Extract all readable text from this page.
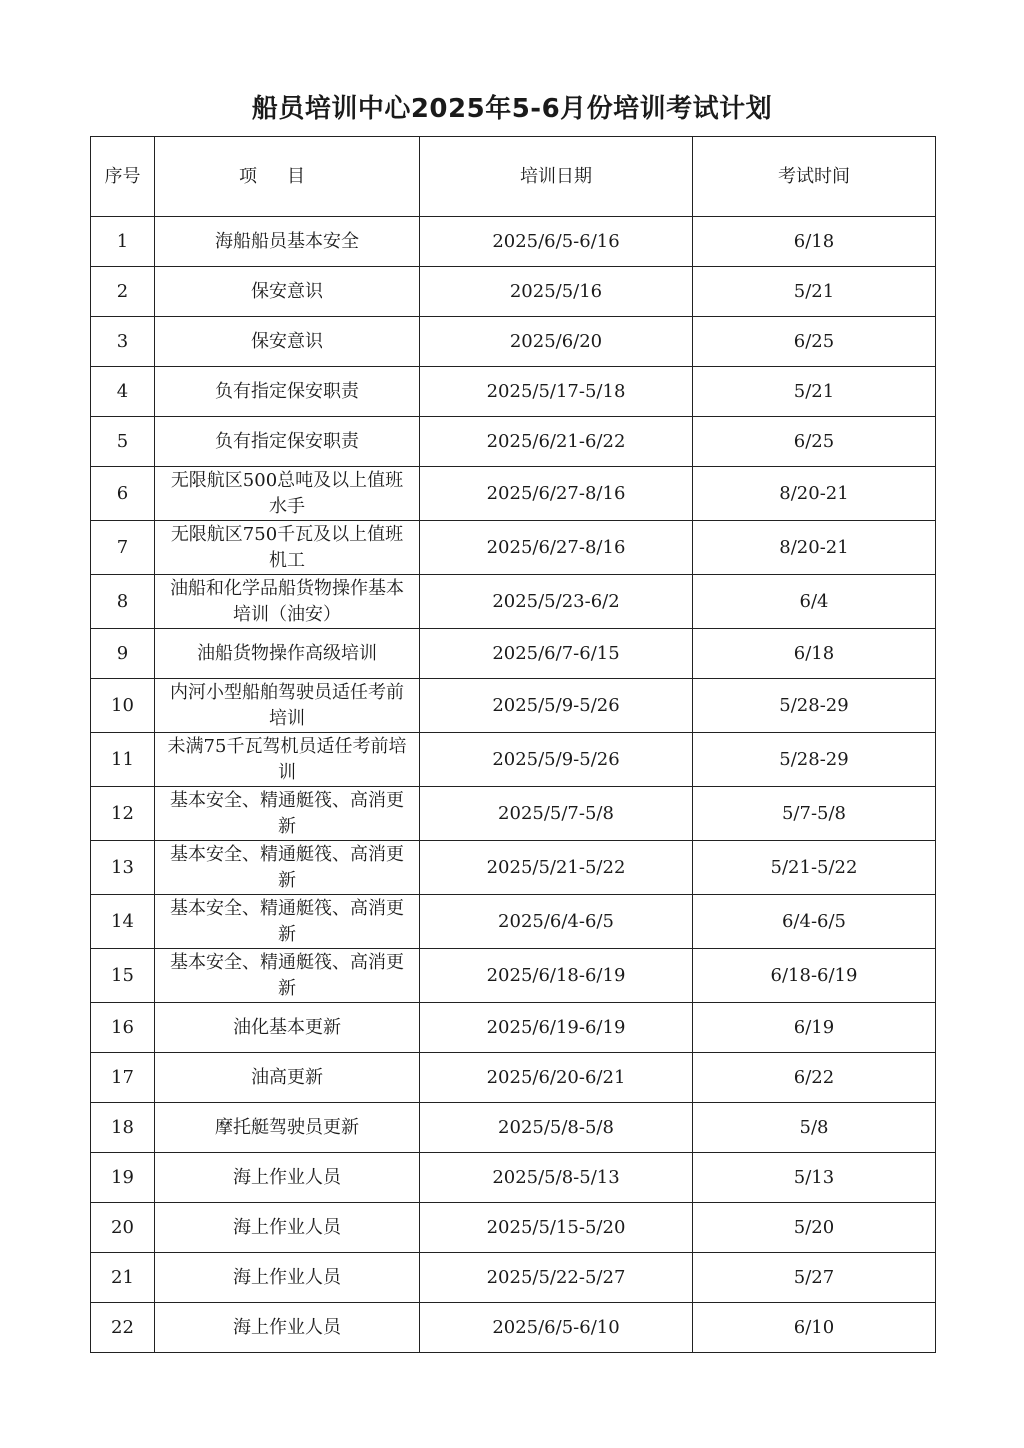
船员培训中心2025年5-6月份培训考试计划
序号	项目	培训日期	考试时间
1	海船船员基本安全	2025/6/5-6/16	6/18
2	保安意识	2025/5/16	5/21
3	保安意识	2025/6/20	6/25
4	负有指定保安职责	2025/5/17-5/18	5/21
5	负有指定保安职责	2025/6/21-6/22	6/25
6	无限航区500总吨及以上值班水手	2025/6/27-8/16	8/20-21
7	无限航区750千瓦及以上值班机工	2025/6/27-8/16	8/20-21
8	油船和化学品船货物操作基本培训（油安）	2025/5/23-6/2	6/4
9	油船货物操作高级培训	2025/6/7-6/15	6/18
10	内河小型船舶驾驶员适任考前培训	2025/5/9-5/26	5/28-29
11	未满75千瓦驾机员适任考前培训	2025/5/9-5/26	5/28-29
12	基本安全、精通艇筏、高消更新	2025/5/7-5/8	5/7-5/8
13	基本安全、精通艇筏、高消更新	2025/5/21-5/22	5/21-5/22
14	基本安全、精通艇筏、高消更新	2025/6/4-6/5	6/4-6/5
15	基本安全、精通艇筏、高消更新	2025/6/18-6/19	6/18-6/19
16	油化基本更新	2025/6/19-6/19	6/19
17	油高更新	2025/6/20-6/21	6/22
18	摩托艇驾驶员更新	2025/5/8-5/8	5/8
19	海上作业人员	2025/5/8-5/13	5/13
20	海上作业人员	2025/5/15-5/20	5/20
21	海上作业人员	2025/5/22-5/27	5/27
22	海上作业人员	2025/6/5-6/10	6/10
